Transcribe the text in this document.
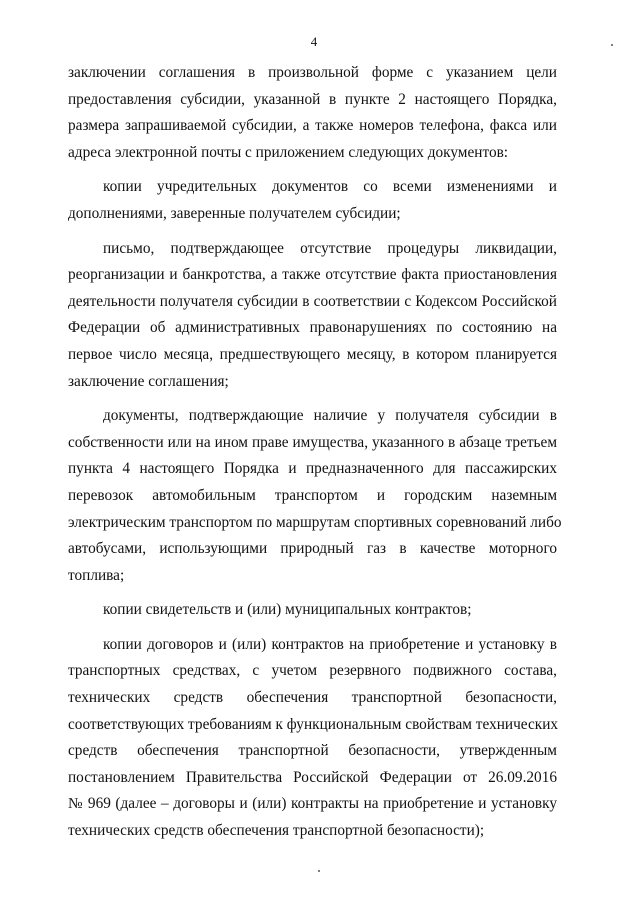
4
заключении соглашения в произвольной форме с указанием цели
предоставления субсидии, указанной в пункте 2 настоящего Порядка,
размера запрашиваемой субсидии, а также номеров телефона, факса или
адреса электронной почты с приложением следующих документов:
копии учредительных документов со всеми изменениями и
дополнениями, заверенные получателем субсидии;
письмо, подтверждающее отсутствие процедуры ликвидации,
реорганизации и банкротства, а также отсутствие факта приостановления
деятельности получателя субсидии в соответствии с Кодексом Российской
Федерации об административных правонарушениях по состоянию на
первое число месяца, предшествующего месяцу, в котором планируется
заключение соглашения;
документы, подтверждающие наличие у получателя субсидии в
собственности или на ином праве имущества, указанного в абзаце третьем
пункта 4 настоящего Порядка и предназначенного для пассажирских
перевозок автомобильным транспортом и городским наземным
электрическим транспортом по маршрутам спортивных соревнований либо
автобусами, использующими природный газ в качестве моторного
топлива;
копии свидетельств и (или) муниципальных контрактов;
копии договоров и (или) контрактов на приобретение и установку в
транспортных средствах, с учетом резервного подвижного состава,
технических средств обеспечения транспортной безопасности,
соответствующих требованиям к функциональным свойствам технических
средств обеспечения транспортной безопасности, утвержденным
постановлением Правительства Российской Федерации от 26.09.2016
№ 969 (далее – договоры и (или) контракты на приобретение и установку
технических средств обеспечения транспортной безопасности);
